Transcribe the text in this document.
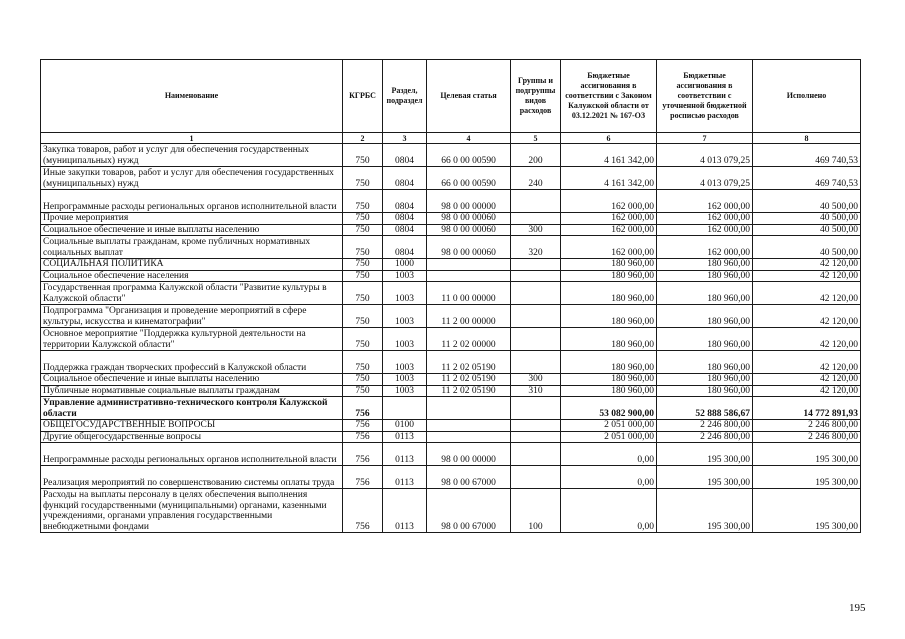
Наименование	КГРБС	Раздел, подраздел	Целевая статья	Группы и подгруппы видов расходов	Бюджетные ассигнования в соответствии с Законом Калужской области от 03.12.2021 № 167-ОЗ	Бюджетные ассигнования в соответствии с уточненной бюджетной росписью расходов	Исполнено
1	2	3	4	5	6	7	8
Закупка товаров, работ и услуг для обеспечения государственных (муниципальных) нужд	750	0804	66 0 00 00590	200	4 161 342,00	4 013 079,25	469 740,53
Иные закупки товаров, работ и услуг для обеспечения государственных (муниципальных) нужд	750	0804	66 0 00 00590	240	4 161 342,00	4 013 079,25	469 740,53
Непрограммные расходы региональных органов исполнительной власти	750	0804	98 0 00 00000		162 000,00	162 000,00	40 500,00
Прочие мероприятия	750	0804	98 0 00 00060		162 000,00	162 000,00	40 500,00
Социальное обеспечение и иные выплаты населению	750	0804	98 0 00 00060	300	162 000,00	162 000,00	40 500,00
Социальные выплаты гражданам, кроме публичных нормативных социальных выплат	750	0804	98 0 00 00060	320	162 000,00	162 000,00	40 500,00
СОЦИАЛЬНАЯ ПОЛИТИКА	750	1000			180 960,00	180 960,00	42 120,00
Социальное обеспечение населения	750	1003			180 960,00	180 960,00	42 120,00
Государственная программа Калужской области "Развитие культуры в Калужской области"	750	1003	11 0 00 00000		180 960,00	180 960,00	42 120,00
Подпрограмма "Организация и проведение мероприятий в сфере культуры, искусства и кинематографии"	750	1003	11 2 00 00000		180 960,00	180 960,00	42 120,00
Основное мероприятие "Поддержка культурной деятельности на территории Калужской области"	750	1003	11 2 02 00000		180 960,00	180 960,00	42 120,00
Поддержка граждан творческих профессий в Калужской области	750	1003	11 2 02 05190		180 960,00	180 960,00	42 120,00
Социальное обеспечение и иные выплаты населению	750	1003	11 2 02 05190	300	180 960,00	180 960,00	42 120,00
Публичные нормативные социальные выплаты гражданам	750	1003	11 2 02 05190	310	180 960,00	180 960,00	42 120,00
Управление административно-технического контроля Калужской области	756				53 082 900,00	52 888 586,67	14 772 891,93
ОБЩЕГОСУДАРСТВЕННЫЕ ВОПРОСЫ	756	0100			2 051 000,00	2 246 800,00	2 246 800,00
Другие общегосударственные вопросы	756	0113			2 051 000,00	2 246 800,00	2 246 800,00
Непрограммные расходы региональных органов исполнительной власти	756	0113	98 0 00 00000		0,00	195 300,00	195 300,00
Реализация мероприятий по совершенствованию системы оплаты труда	756	0113	98 0 00 67000		0,00	195 300,00	195 300,00
Расходы на выплаты персоналу в целях обеспечения выполнения функций государственными (муниципальными) органами, казенными учреждениями, органами управления государственными внебюджетными фондами	756	0113	98 0 00 67000	100	0,00	195 300,00	195 300,00
195
